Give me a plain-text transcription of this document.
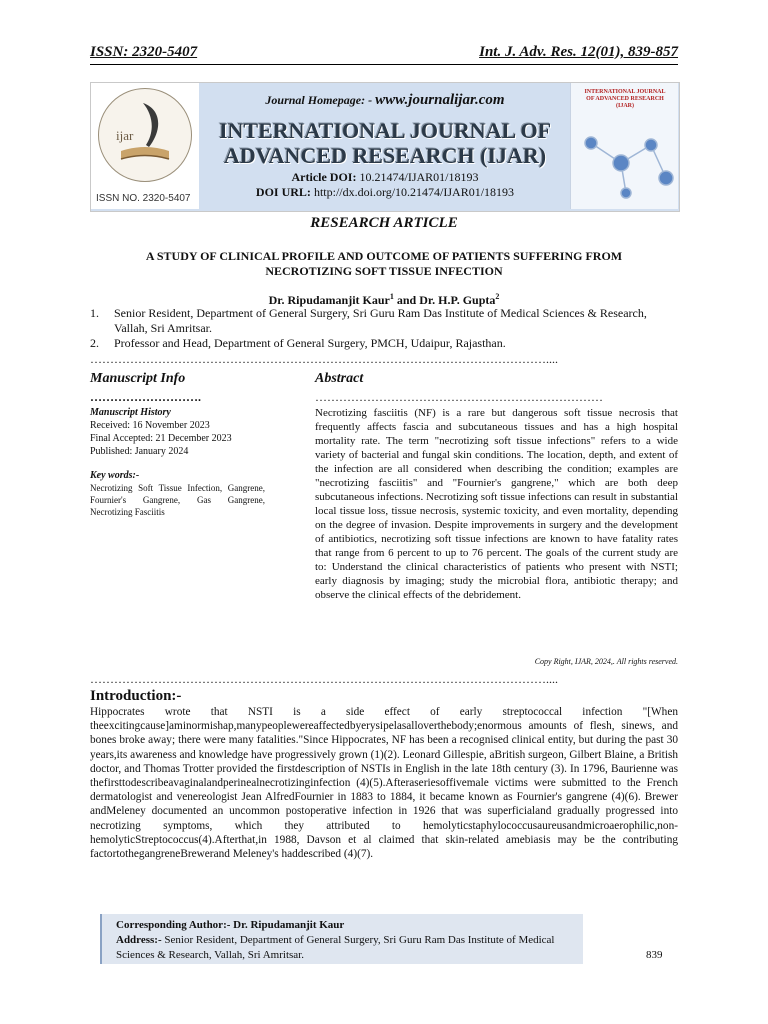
ISSN: 2320-5407	Int. J. Adv. Res. 12(01), 839-857
ijar
ISSN NO. 2320-5407
INTERNATIONAL JOURNAL OF ADVANCED RESEARCH (IJAR)
Journal Homepage: - www.journalijar.com
INTERNATIONAL JOURNAL OF
ADVANCED RESEARCH (IJAR)
Article DOI: 10.21474/IJAR01/18193
DOI URL: http://dx.doi.org/10.21474/IJAR01/18193
RESEARCH ARTICLE
A STUDY OF CLINICAL PROFILE AND OUTCOME OF PATIENTS SUFFERING FROM
NECROTIZING SOFT TISSUE INFECTION
Dr. Ripudamanjit Kaur$^1$ and Dr. H.P. Gupta$^2$
1.	Senior Resident, Department of General Surgery, Sri Guru Ram Das Institute of Medical Sciences & Research, Vallah, Sri Amritsar.
2.	Professor and Head, Department of General Surgery, PMCH, Udaipur, Rajasthan.
……………………………………………………………………………………………………....
Manuscript Info	Abstract
……………………….	………………………………………………………………
Manuscript History
Received: 16 November 2023
Final Accepted: 21 December 2023
Published: January 2024
Key words:-
Necrotizing Soft Tissue Infection, Gangrene, Fournier's Gangrene, Gas Gangrene, Necrotizing Fasciitis
Necrotizing fasciitis (NF) is a rare but dangerous soft tissue necrosis that frequently affects fascia and subcutaneous tissues and has a high hospital mortality rate. The term "necrotizing soft tissue infections" refers to a wide variety of bacterial and fungal skin conditions. The location, depth, and extent of the infection are all considered when describing the condition; examples are "necrotizing fasciitis" and "Fournier's gangrene," which are both deep subcutaneous infections. Necrotizing soft tissue infections can result in substantial local tissue loss, tissue necrosis, systemic toxicity, and even mortality, depending on the degree of invasion. Despite improvements in surgery and the development of antibiotics, necrotizing soft tissue infections are known to have fatality rates that range from 6 percent to up to 76 percent. The goals of the current study are to: Understand the clinical characteristics of patients who present with NSTI; early diagnosis by imaging; study the microbial flora, antibiotic therapy; and observe the clinical effects of the debridement.
Copy Right, IJAR, 2024,. All rights reserved.
……………………………………………………………………………………………………....
Introduction:-
Hippocrates wrote that NSTI is a side effect of early streptococcal infection "[When theexcitingcause]aminormishap,manypeoplewereaffectedbyerysipelasalloverthebody;enormous amounts of flesh, sinews, and bones broke away; there were many fatalities."Since Hippocrates, NF has been a recognised clinical entity, but during the past 30 years,its awareness and knowledge have progressively grown (1)(2). Leonard Gillespie, aBritish surgeon, Gilbert Blaine, a British doctor, and Thomas Trotter provided the firstdescription of NSTIs in English in the late 18th century (3). In 1796, Baurienne was thefirsttodescribeavaginalandperinealnecrotizinginfection (4)(5).Afteraseriesoffivemale victims were submitted to the French dermatologist and venereologist Jean AlfredFournier in 1883 to 1884, it became known as Fournier's gangrene (4)(6). Brewer andMeleney documented an uncommon postoperative infection in 1926 that was superficialand gradually progressed into necrotizing symptoms, which they attributed to hemolyticstaphylococcusaureusandmicroaerophilic,non-hemolyticStreptococcus(4).Afterthat,in 1988, Davson et al claimed that skin-related amebiasis may be the contributing factortothegangreneBrewerand Meleney's haddescribed (4)(7).
Corresponding Author:- Dr. Ripudamanjit Kaur
Address:- Senior Resident, Department of General Surgery, Sri Guru Ram Das Institute of Medical Sciences & Research, Vallah, Sri Amritsar.	839
